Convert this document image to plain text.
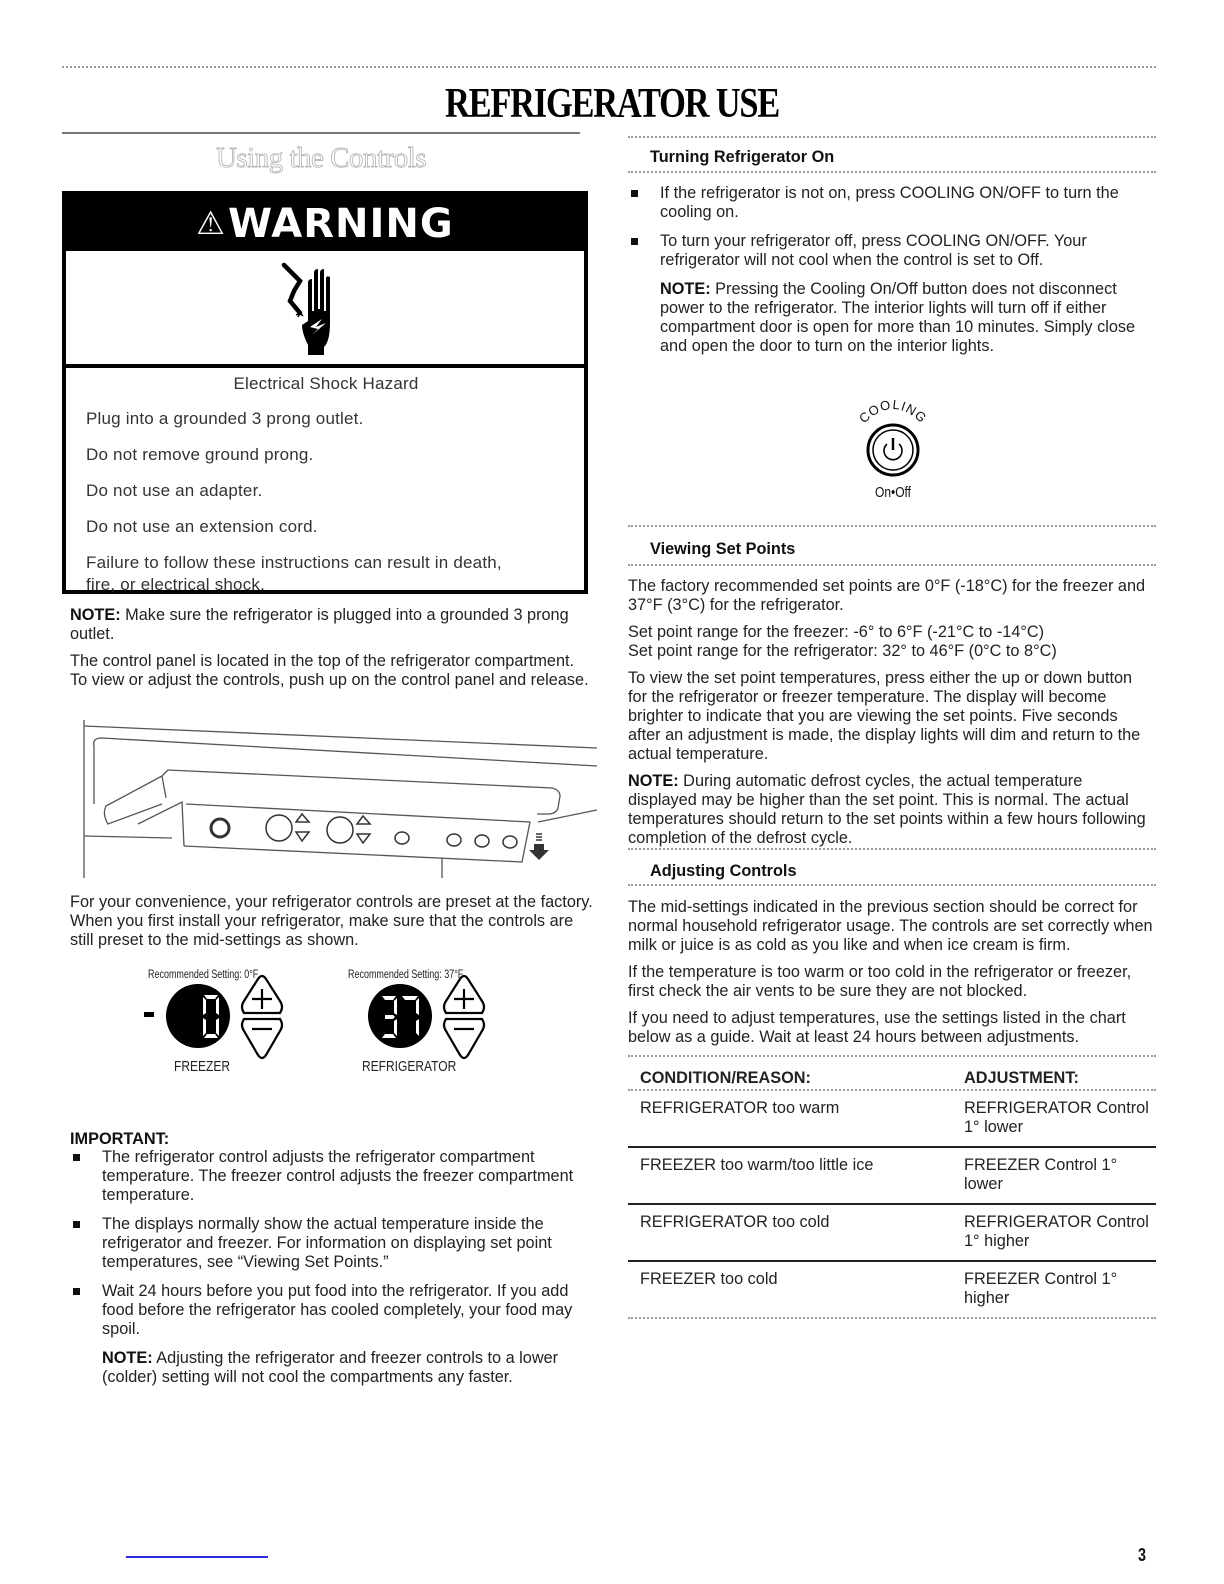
REFRIGERATOR USE
Using the Controls
⚠WARNING
Electrical Shock Hazard
Plug into a grounded 3 prong outlet.
Do not remove ground prong.
Do not use an adapter.
Do not use an extension cord.
Failure to follow these instructions can result in death, fire, or electrical shock.

NOTE: Make sure the refrigerator is plugged into a grounded 3 prong outlet.

The control panel is located in the top of the refrigerator compartment. To view or adjust the controls, push up on the control panel and release.

For your convenience, your refrigerator controls are preset at the factory. When you first install your refrigerator, make sure that the controls are still preset to the mid-settings as shown.
Recommended Setting: 0°F	Recommended Setting: 37°F
FREEZER	REFRIGERATOR
IMPORTANT:
The refrigerator control adjusts the refrigerator compartment temperature. The freezer control adjusts the freezer compartment temperature.
The displays normally show the actual temperature inside the refrigerator and freezer. For information on displaying set point temperatures, see “Viewing Set Points.”
Wait 24 hours before you put food into the refrigerator. If you add food before the refrigerator has cooled completely, your food may spoil.
NOTE: Adjusting the refrigerator and freezer controls to a lower (colder) setting will not cool the compartments any faster.
Turning Refrigerator On
If the refrigerator is not on, press COOLING ON/OFF to turn the cooling on.
To turn your refrigerator off, press COOLING ON/OFF. Your refrigerator will not cool when the control is set to Off.
NOTE: Pressing the Cooling On/Off button does not disconnect power to the refrigerator. The interior lights will turn off if either compartment door is open for more than 10 minutes. Simply close and open the door to turn on the interior lights.
COOLING
On•Off
Viewing Set Points

The factory recommended set points are 0°F (-18°C) for the freezer and 37°F (3°C) for the refrigerator.

Set point range for the freezer: -6° to 6°F (-21°C to -14°C)

Set point range for the refrigerator: 32° to 46°F (0°C to 8°C)

To view the set point temperatures, press either the up or down button for the refrigerator or freezer temperature. The display will become brighter to indicate that you are viewing the set points. Five seconds after an adjustment is made, the display lights will dim and return to the actual temperature.

NOTE: During automatic defrost cycles, the actual temperature displayed may be higher than the set point. This is normal. The actual temperatures should return to the set points within a few hours following completion of the defrost cycle.

Adjusting Controls

The mid-settings indicated in the previous section should be correct for normal household refrigerator usage. The controls are set correctly when milk or juice is as cold as you like and when ice cream is firm.

If the temperature is too warm or too cold in the refrigerator or freezer, first check the air vents to be sure they are not blocked.

If you need to adjust temperatures, use the settings listed in the chart below as a guide. Wait at least 24 hours between adjustments.

CONDITION/REASON:	ADJUSTMENT:
REFRIGERATOR too warm	REFRIGERATOR Control 1° lower
FREEZER too warm/too little ice	FREEZER Control 1° lower
REFRIGERATOR too cold	REFRIGERATOR Control 1° higher
FREEZER too cold	FREEZER Control 1° higher
3
